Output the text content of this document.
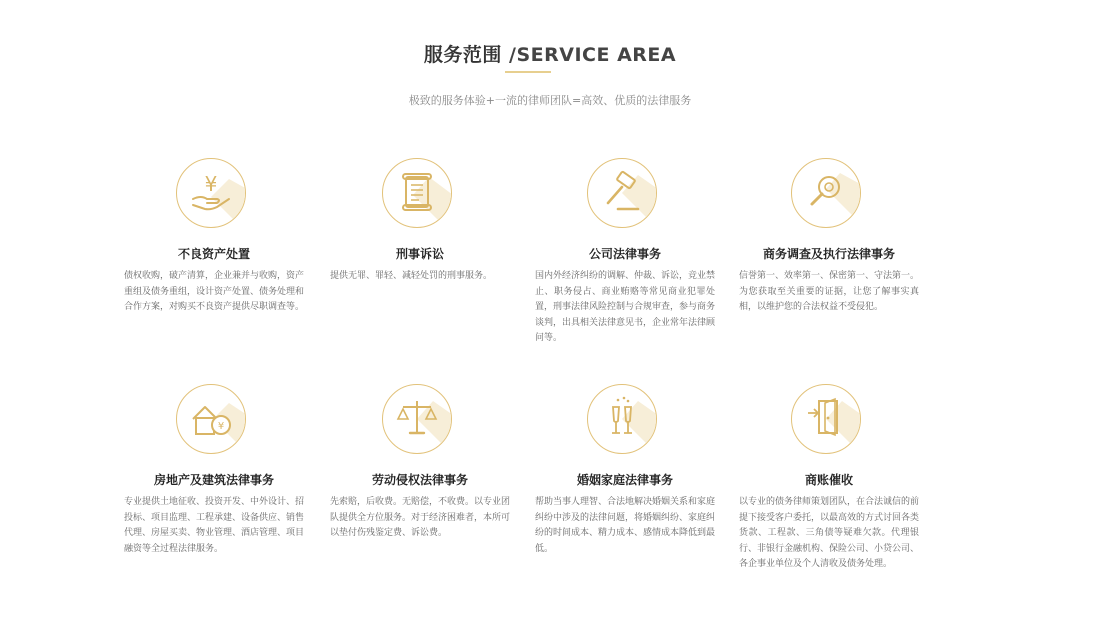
服务范围 /SERVICE AREA
极致的服务体验+一流的律师团队=高效、优质的法律服务
¥
不良资产处置
债权收购，破产清算，企业兼并与收购，资产重组及债务重组，设计资产处置、债务处理和合作方案，对购买不良资产提供尽职调查等。
刑事诉讼
提供无罪、罪轻、减轻处罚的刑事服务。
公司法律事务
国内外经济纠纷的调解、仲裁、诉讼，竞业禁止、职务侵占、商业贿赂等常见商业犯罪处置，刑事法律风险控制与合规审查，参与商务谈判，出具相关法律意见书，企业常年法律顾问等。
商务调查及执行法律事务
信誉第一、效率第一、保密第一、守法第一。为您获取至关重要的证据，让您了解事实真相，以维护您的合法权益不受侵犯。
¥
房地产及建筑法律事务
专业提供土地征收、投资开发、中外设计、招投标、项目监理、工程承建、设备供应、销售代理、房屋买卖、物业管理、酒店管理、项目融资等全过程法律服务。
劳动侵权法律事务
先索赔，后收费。无赔偿，不收费。以专业团队提供全方位服务。对于经济困难者，本所可以垫付伤残鉴定费、诉讼费。
婚姻家庭法律事务
帮助当事人理智、合法地解决婚姻关系和家庭纠纷中涉及的法律问题，将婚姻纠纷、家庭纠纷的时间成本、精力成本、感情成本降低到最低。
商账催收
以专业的债务律师策划团队，在合法诚信的前提下接受客户委托，以最高效的方式讨回各类货款、工程款、三角债等疑难欠款。代理银行、非银行金融机构、保险公司、小贷公司、各企事业单位及个人清收及债务处理。
